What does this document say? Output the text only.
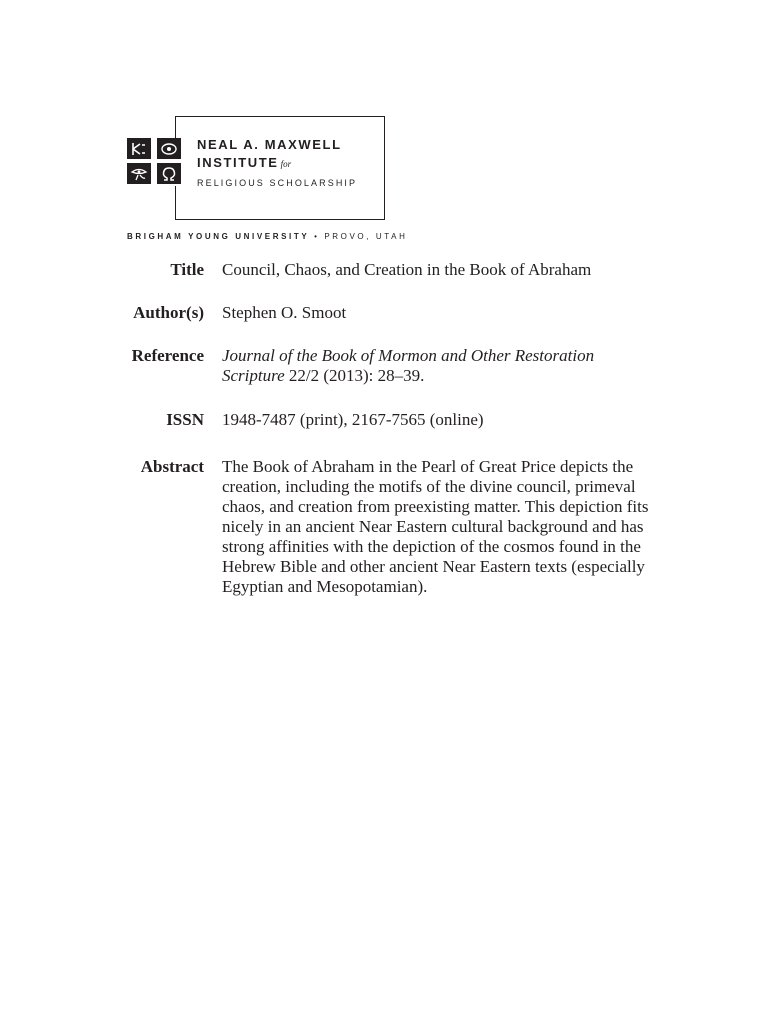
NEAL A. MAXWELL
INSTITUTE for
RELIGIOUS SCHOLARSHIP
BRIGHAM YOUNG UNIVERSITY • PROVO, UTAH
Title Council, Chaos, and Creation in the Book of Abraham
Author(s) Stephen O. Smoot
Reference Journal of the Book of Mormon and Other Restoration Scripture 22/2 (2013): 28–39.
ISSN 1948-7487 (print), 2167-7565 (online)
Abstract The Book of Abraham in the Pearl of Great Price depicts the creation, including the motifs of the divine council, primeval chaos, and creation from preexisting matter. This depiction fits nicely in an ancient Near Eastern cultural background and has strong affinities with the depiction of the cosmos found in the Hebrew Bible and other ancient Near Eastern texts (especially Egyptian and Mesopotamian).
